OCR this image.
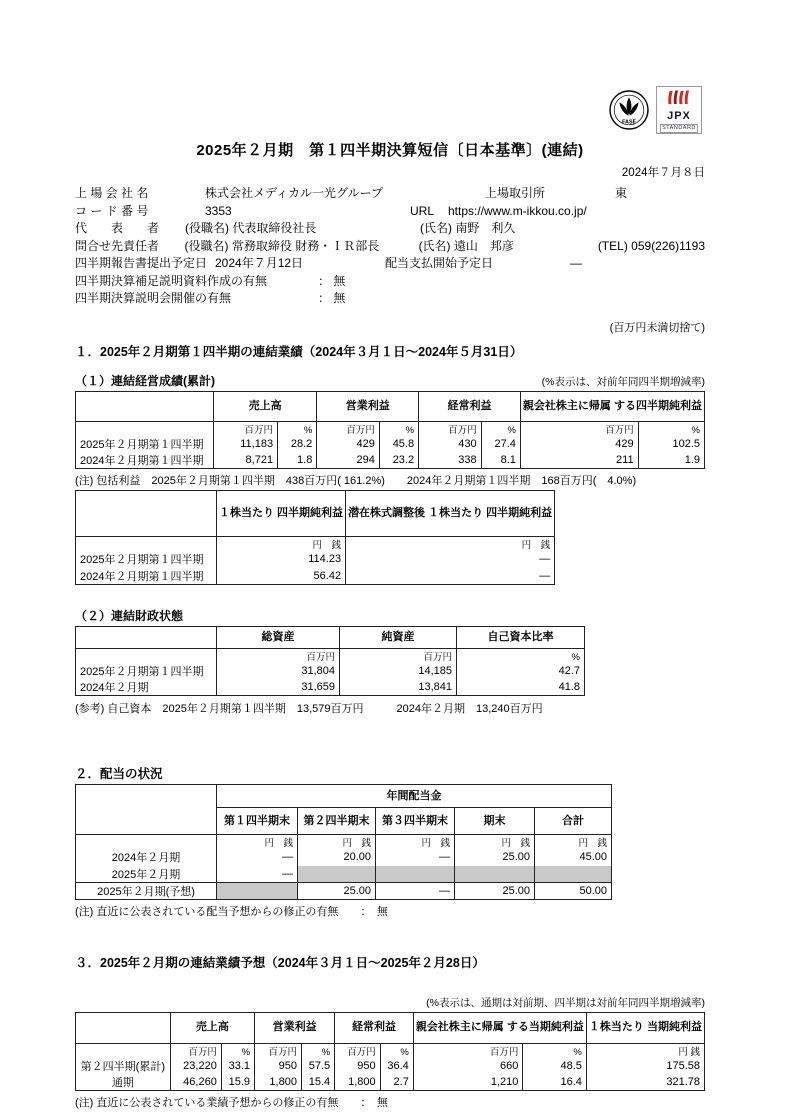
FASF
JPX
STANDARD
2025年２月期　第１四半期決算短信〔日本基準〕(連結)
2024年７月８日
上 場 会 社 名	株式会社メディカル一光グループ	上場取引所	東
コ ー ド 番 号	3353	URL	https://www.m-ikkou.co.jp/
代　　表　　者	(役職名) 代表取締役社長	(氏名) 南野　利久
問合せ先責任者	(役職名) 常務取締役 財務・ＩＲ部長	(氏名) 遠山　邦彦	(TEL) 059(226)1193
四半期報告書提出予定日 2024年７月12日	配当支払開始予定日	―
四半期決算補足説明資料作成の有無	： 無
四半期決算説明会開催の有無	： 無
(百万円未満切捨て)
１．2025年２月期第１四半期の連結業績（2024年３月１日～2024年５月31日）
（１）連結経営成績(累計)	(%表示は、対前年同四半期増減率)
	売上高		営業利益		経常利益		親会社株主に帰属 する四半期純利益	
	百万円	%	百万円	%	百万円	%	百万円	%
2025年２月期第１四半期	11,183	28.2	429	45.8	430	27.4	429	102.5
2024年２月期第１四半期	8,721	1.8	294	23.2	338	8.1	211	1.9
(注) 包括利益　2025年２月期第１四半期　438百万円( 161.2%)　　2024年２月期第１四半期　168百万円(　4.0%)
	１株当たり 四半期純利益	潜在株式調整後 １株当たり 四半期純利益
	円　銭	円　銭
2025年２月期第１四半期	114.23	―
2024年２月期第１四半期	56.42	―
（２）連結財政状態
	総資産	純資産	自己資本比率
	百万円	百万円	%
2025年２月期第１四半期	31,804	14,185	42.7
2024年２月期	31,659	13,841	41.8
(参考) 自己資本　2025年２月期第１四半期　13,579百万円　　　2024年２月期　13,240百万円
２．配当の状況
	年間配当金				
	第１四半期末	第２四半期末	第３四半期末	期末	合計
	円　銭	円　銭	円　銭	円　銭	円　銭
2024年２月期	―	20.00	―	25.00	45.00
2025年２月期	―				
2025年２月期(予想)		25.00	―	25.00	50.00
(注) 直近に公表されている配当予想からの修正の有無　　：　無
３．2025年２月期の連結業績予想（2024年３月１日～2025年２月28日）
(%表示は、通期は対前期、四半期は対前年同四半期増減率)
	売上高		営業利益		経常利益		親会社株主に帰属 する当期純利益		１株当たり 当期純利益
	百万円	%	百万円	%	百万円	%	百万円	%	円 銭
第２四半期(累計)	23,220	33.1	950	57.5	950	36.4	660	48.5	175.58
通期	46,260	15.9	1,800	15.4	1,800	2.7	1,210	16.4	321.78
(注) 直近に公表されている業績予想からの修正の有無　　：　無
